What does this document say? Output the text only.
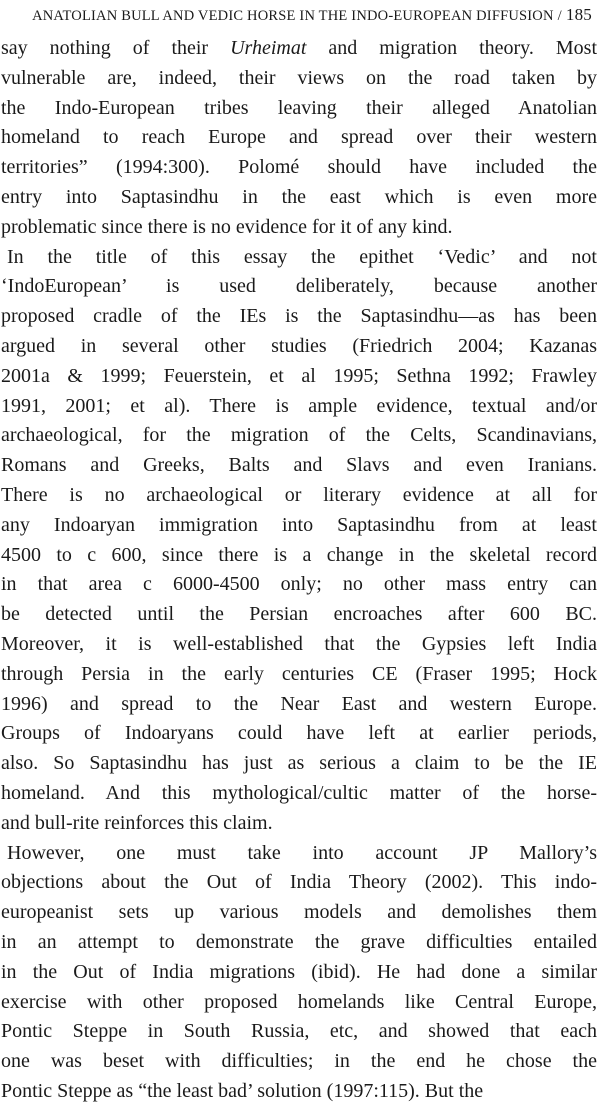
ANATOLIAN BULL AND VEDIC HORSE IN THE INDO-EUROPEAN DIFFUSION / 185
say nothing of their Urheimat and migration theory. Most
vulnerable are, indeed, their views on the road taken by
the Indo-European tribes leaving their alleged Anatolian
homeland to reach Europe and spread over their western
territories” (1994:300). Polomé should have included the
entry into Saptasindhu in the east which is even more
problematic since there is no evidence for it of any kind.
In the title of this essay the epithet ‘Vedic’ and not
‘IndoEuropean’ is used deliberately, because another
proposed cradle of the IEs is the Saptasindhu—as has been
argued in several other studies (Friedrich 2004; Kazanas
2001a & 1999; Feuerstein, et al 1995; Sethna 1992; Frawley
1991, 2001; et al). There is ample evidence, textual and/or
archaeological, for the migration of the Celts, Scandinavians,
Romans and Greeks, Balts and Slavs and even Iranians.
There is no archaeological or literary evidence at all for
any Indoaryan immigration into Saptasindhu from at least
4500 to c 600, since there is a change in the skeletal record
in that area c 6000-4500 only; no other mass entry can
be detected until the Persian encroaches after 600 BC.
Moreover, it is well-established that the Gypsies left India
through Persia in the early centuries CE (Fraser 1995; Hock
1996) and spread to the Near East and western Europe.
Groups of Indoaryans could have left at earlier periods,
also. So Saptasindhu has just as serious a claim to be the IE
homeland. And this mythological/cultic matter of the horse-
and bull-rite reinforces this claim.
However, one must take into account JP Mallory’s
objections about the Out of India Theory (2002). This indo-
europeanist sets up various models and demolishes them
in an attempt to demonstrate the grave difficulties entailed
in the Out of India migrations (ibid). He had done a similar
exercise with other proposed homelands like Central Europe,
Pontic Steppe in South Russia, etc, and showed that each
one was beset with difficulties; in the end he chose the
Pontic Steppe as “the least bad’ solution (1997:115). But the
